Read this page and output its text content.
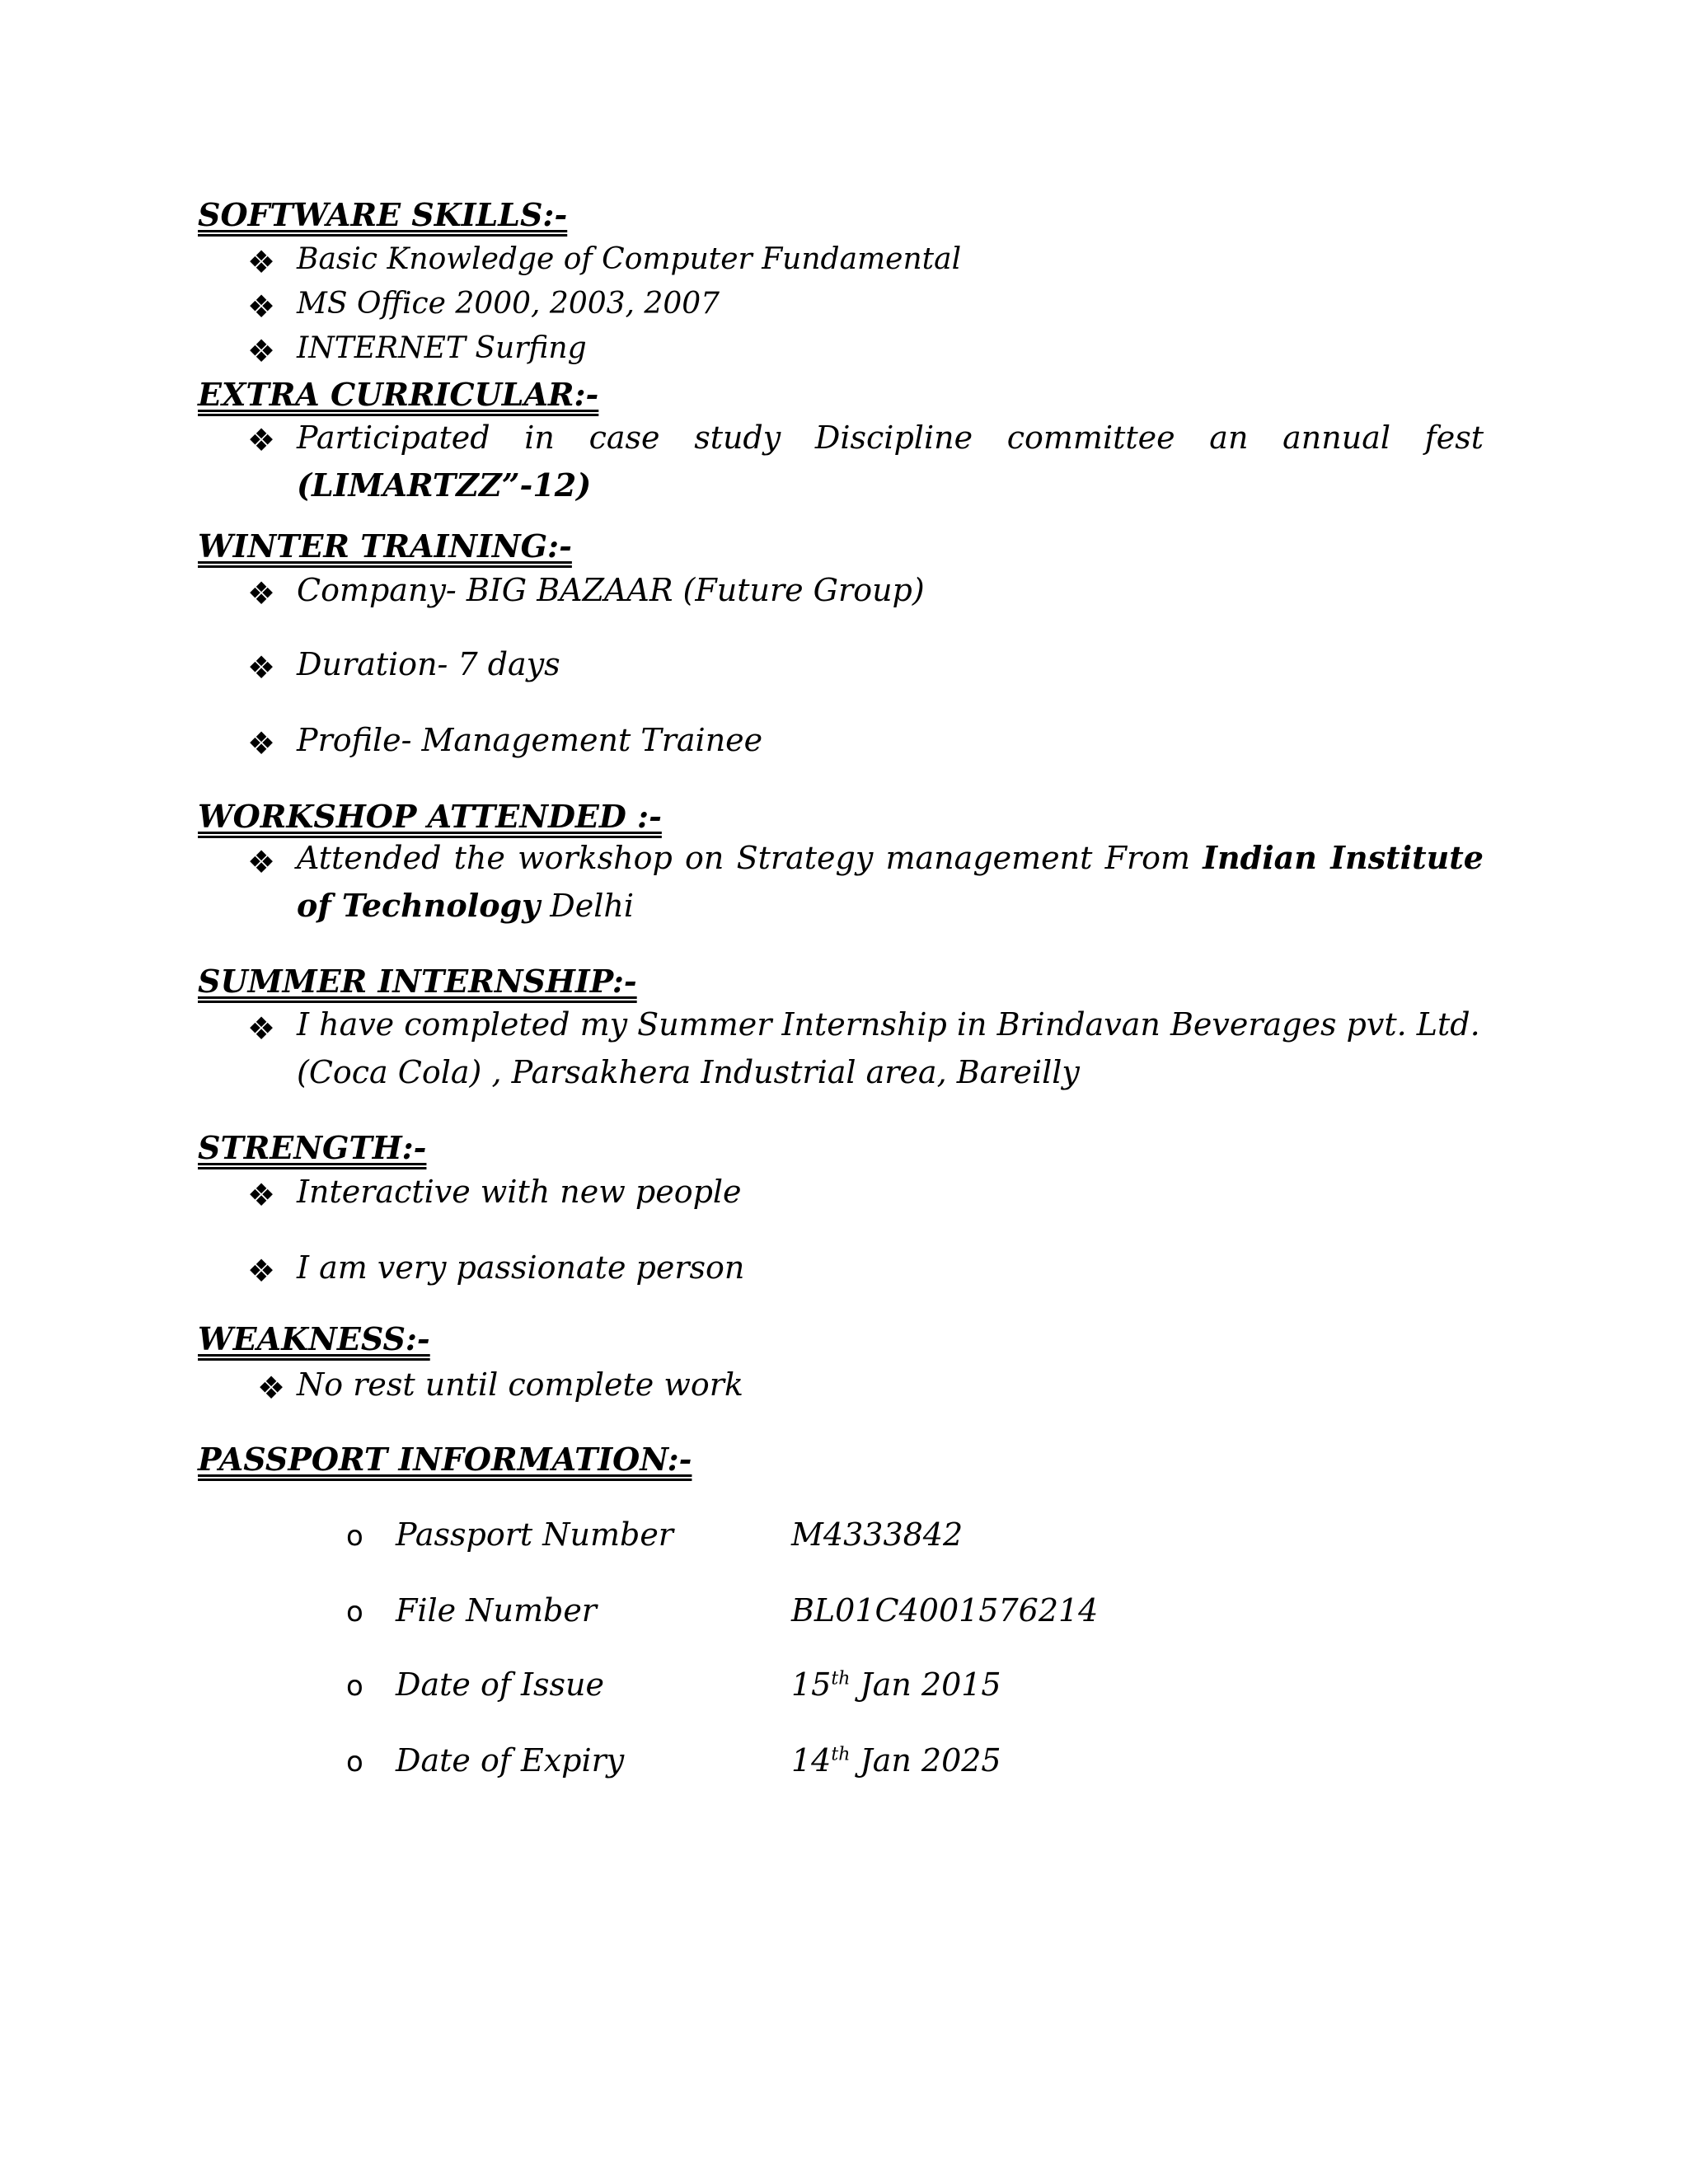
SOFTWARE SKILLS:-
❖ Basic Knowledge of Computer Fundamental
❖ MS Office 2000, 2003, 2007
❖ INTERNET Surfing
EXTRA CURRICULAR:-
❖ Participated in case study Discipline committee an annual fest (LIMARTZZ”-12)
WINTER TRAINING:-
❖ Company- BIG BAZAAR (Future Group)
❖ Duration- 7 days
❖ Profile- Management Trainee
WORKSHOP ATTENDED :-
❖ Attended the workshop on Strategy management From Indian Institute of Technology Delhi
SUMMER INTERNSHIP:-
❖ I have completed my Summer Internship in Brindavan Beverages pvt. Ltd. (Coca Cola) , Parsakhera Industrial area, Bareilly
STRENGTH:-
❖ Interactive with new people
❖ I am very passionate person
WEAKNESS:-
❖ No rest until complete work
PASSPORT INFORMATION:-
o Passport Number	M4333842
o File Number	BL01C4001576214
o Date of Issue	15th Jan 2015
o Date of Expiry	14th Jan 2025
